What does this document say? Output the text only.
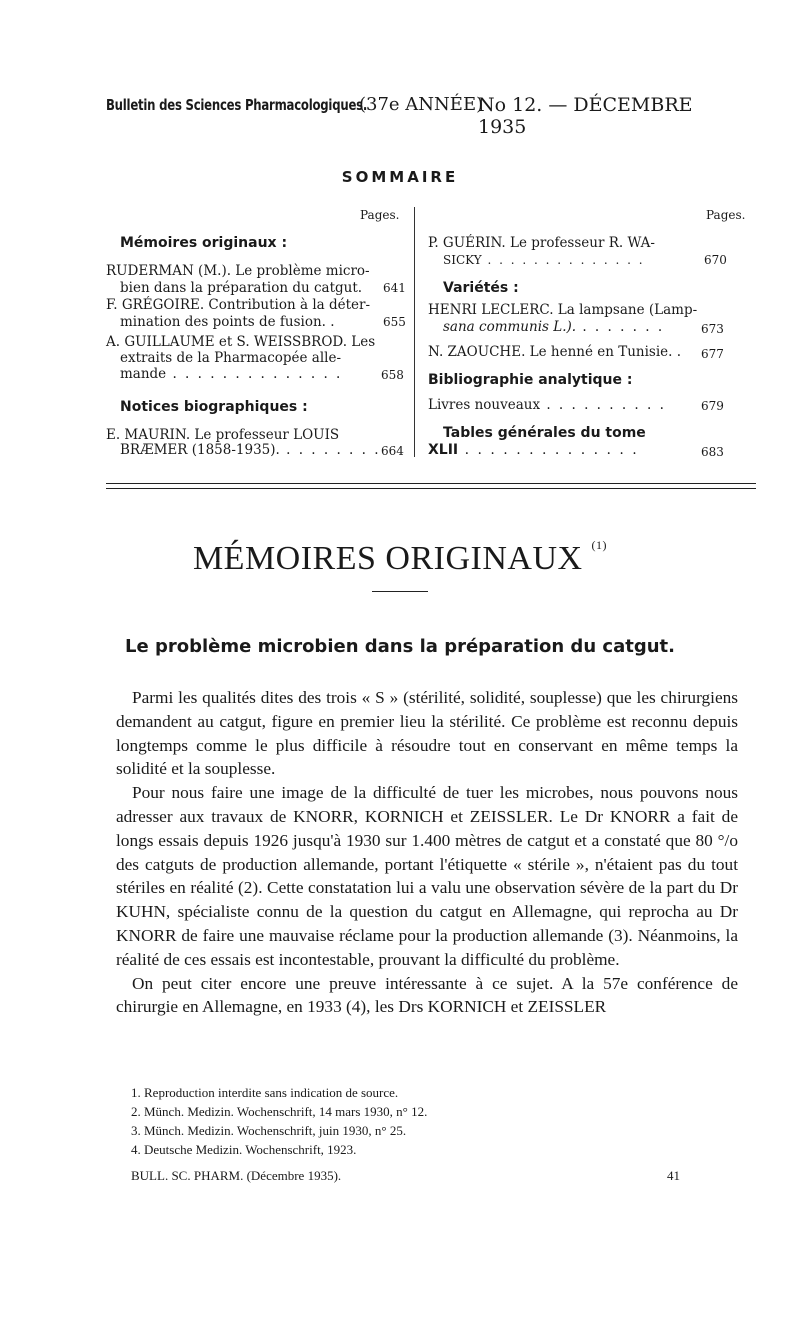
Bulletin des Sciences Pharmacologiques.
(37e ANNÉE)
No 12. — DÉCEMBRE 1935
SOMMAIRE
Pages.
Mémoires originaux :
RUDERMAN (M.). Le problème micro-
bien dans la préparation du catgut. 641
F. GRÉGOIRE. Contribution à la déter-
mination des points de fusion. .	655
A. GUILLAUME et S. WEISSBROD. Les
extraits de la Pharmacopée alle-
mande . . . . . . . . . . . . . .	658
Notices biographiques :
E. MAURIN. Le professeur LOUIS
BRÆMER (1858-1935). . . . . . . . . 664
Pages.
P. GUÉRIN. Le professeur R. WA-
SICKY . . . . . . . . . . . . . .	670
Variétés :
HENRI LECLERC. La lampsane (Lamp-
sana communis L.). . . . . . . .	673
N. ZAOUCHE. Le henné en Tunisie. . 677
Bibliographie analytique :
Livres nouveaux . . . . . . . . . .	679
Tables générales du tome
XLII . . . . . . . . . . . . . .	683
MÉMOIRES ORIGINAUX $^{(1)}$
Le problème microbien dans la préparation du catgut.

Parmi les qualités dites des trois « S » (stérilité, solidité, souplesse) que les chirurgiens demandent au catgut, figure en premier lieu la stérilité. Ce problème est reconnu depuis longtemps comme le plus difficile à résoudre tout en conservant en même temps la solidité et la souplesse.

Pour nous faire une image de la difficulté de tuer les microbes, nous pouvons nous adresser aux travaux de KNORR, KORNICH et ZEISSLER. Le Dr KNORR a fait de longs essais depuis 1926 jusqu'à 1930 sur 1.400 mètres de catgut et a constaté que 80 °/o des catguts de production allemande, portant l'étiquette « stérile », n'étaient pas du tout stériles en réalité (2). Cette constatation lui a valu une observation sévère de la part du Dr KUHN, spécialiste connu de la question du catgut en Allemagne, qui reprocha au Dr KNORR de faire une mauvaise réclame pour la production allemande (3). Néanmoins, la réalité de ces essais est incontestable, prouvant la difficulté du problème.

On peut citer encore une preuve intéressante à ce sujet. A la 57e conférence de chirurgie en Allemagne, en 1933 (4), les Drs KORNICH et ZEISSLER

1. Reproduction interdite sans indication de source.
2. Münch. Medizin. Wochenschrift, 14 mars 1930, n° 12.
3. Münch. Medizin. Wochenschrift, juin 1930, n° 25.
4. Deutsche Medizin. Wochenschrift, 1923.
BULL. SC. PHARM. (Décembre 1935).	41
